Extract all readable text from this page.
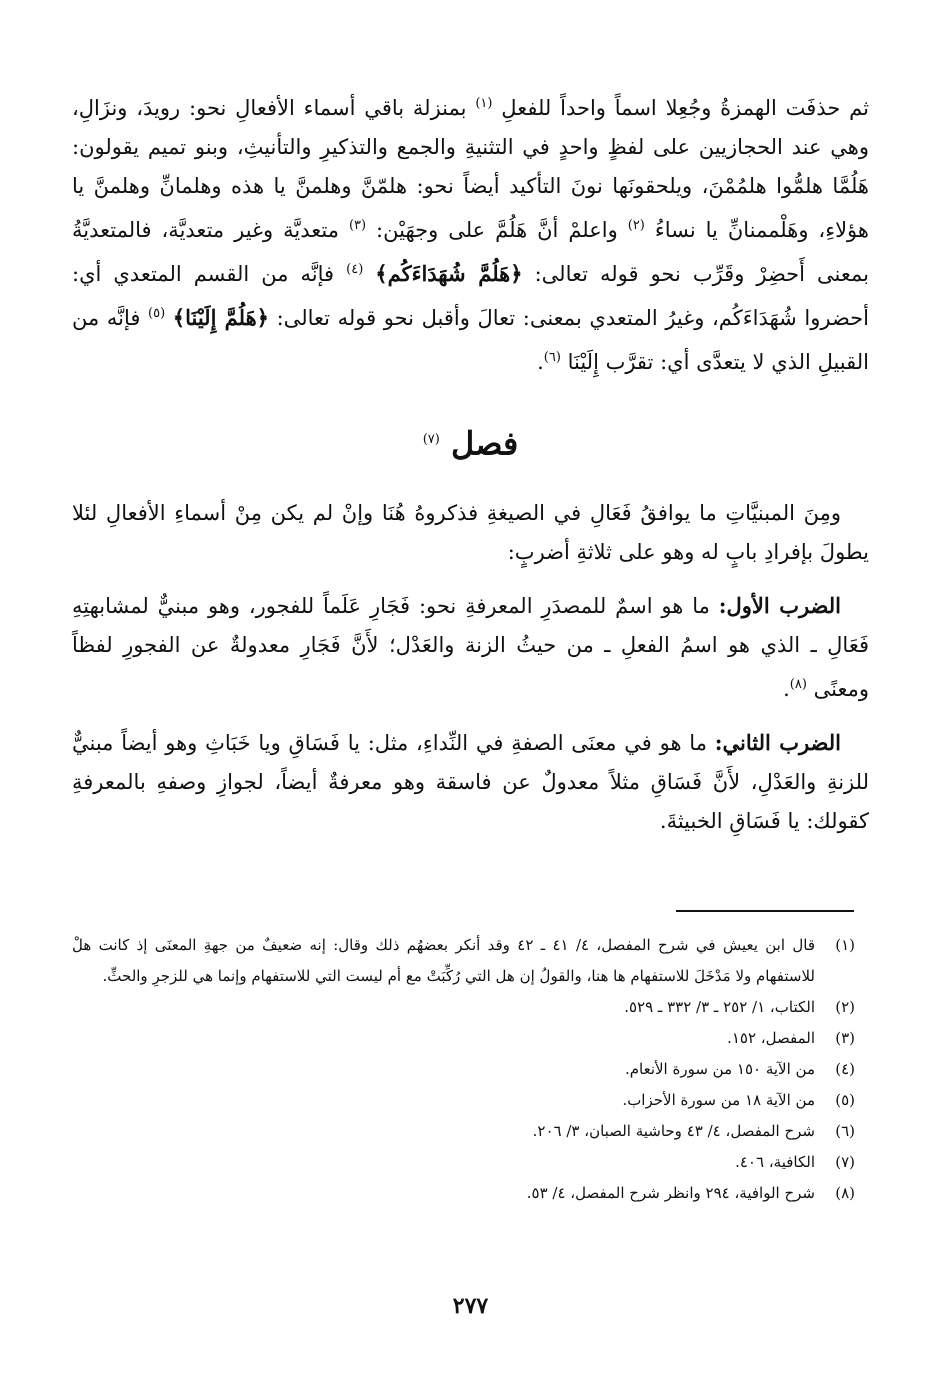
ثم حذفَت الهمزةُ وجُعِلا اسماً واحداً للفعلِ $^{(١)}$ بمنزلة باقي أسماء الأفعالِ نحو: رويدَ، ونزَالِ، وهي عند الحجازيين على لفظٍ واحدٍ في التثنيةِ والجمع والتذكيرِ والتأنيثِ، وبنو تميم يقولون: هَلُمَّا هلمُّوا هلمُمْنَ، ويلحقونَها نونَ التأكيد أيضاً نحو: هلمّنَّ وهلمنَّ يا هذه وهلمانِّ وهلمنَّ يا هؤلاءِ، وهَلْممنانِّ يا نساءُ $^{(٢)}$ واعلمْ أنَّ هَلُمَّ على وجهَيْن: $^{(٣)}$ متعديَّة وغير متعديَّة، فالمتعديَّةُ بمعنى أَحضِرْ وقَرِّب نحو قوله تعالى: ﴿هَلُمَّ شُهَدَاءَكُم﴾ $^{(٤)}$ فإنَّه من القسم المتعدي أي: أحضروا شُهَدَاءَكُم، وغيرُ المتعدي بمعنى: تعالَ وأقبل نحو قوله تعالى: ﴿هَلُمَّ إِلَيْنَا﴾ $^{(٥)}$ فإنَّه من القبيلِ الذي لا يتعدَّى أي: تقرَّب إِلَيْنَا $^{(٦)}$.

فصل $^{(٧)}$

ومِنَ المبنيَّاتِ ما يوافقُ فَعَالِ في الصيغةِ فذكروهُ هُنَا وإنْ لم يكن مِنْ أسماءِ الأفعالِ لئلا يطولَ بإفرادِ بابٍ له وهو على ثلاثةِ أضربٍ:

الضرب الأول: ما هو اسمٌ للمصدَرِ المعرفةِ نحو: فَجَارِ عَلَماً للفجور، وهو مبنيٌّ لمشابهتِهِ فَعَالِ ـ الذي هو اسمُ الفعلِ ـ من حيثُ الزنة والعَدْل؛ لأَنَّ فَجَارِ معدولةٌ عن الفجورِ لفظاً ومعنًى $^{(٨)}$.

الضرب الثاني: ما هو في معنَى الصفةِ في النِّداءِ، مثل: يا فَسَاقِ ويا خَبَاثِ وهو أيضاً مبنيٌّ للزنةِ والعَدْلِ، لأَنَّ فَسَاقِ مثلاً معدولٌ عن فاسقة وهو معرفةٌ أيضاً، لجوازِ وصفهِ بالمعرفةِ كقولك: يا فَسَاقِ الخبيثةَ.

(١)
قال ابن يعيش في شرح المفصل، ٤/ ٤١ ـ ٤٢ وقد أنكر بعضهُم ذلك وقال: إنه ضعيفٌ من جهةِ المعنَى إذ كانت هلْ للاستفهام ولا مَدْخَلَ للاستفهام ها هنا، والقولُ إن هل التي رُكِّبَتْ مع أم ليست التي للاستفهام وإنما هي للزجرِ والحثِّ.
(٢)
الكتاب، ١/ ٢٥٢ ـ ٣/ ٣٣٢ ـ ٥٢٩.
(٣)
المفصل، ١٥٢.
(٤)
من الآية ١٥٠ من سورة الأنعام.
(٥)
من الآية ١٨ من سورة الأحزاب.
(٦)
شرح المفصل، ٤/ ٤٣ وحاشية الصبان، ٣/ ٢٠٦.
(٧)
الكافية، ٤٠٦.
(٨)
شرح الوافية، ٢٩٤ وانظر شرح المفصل، ٤/ ٥٣.
٢٧٧
